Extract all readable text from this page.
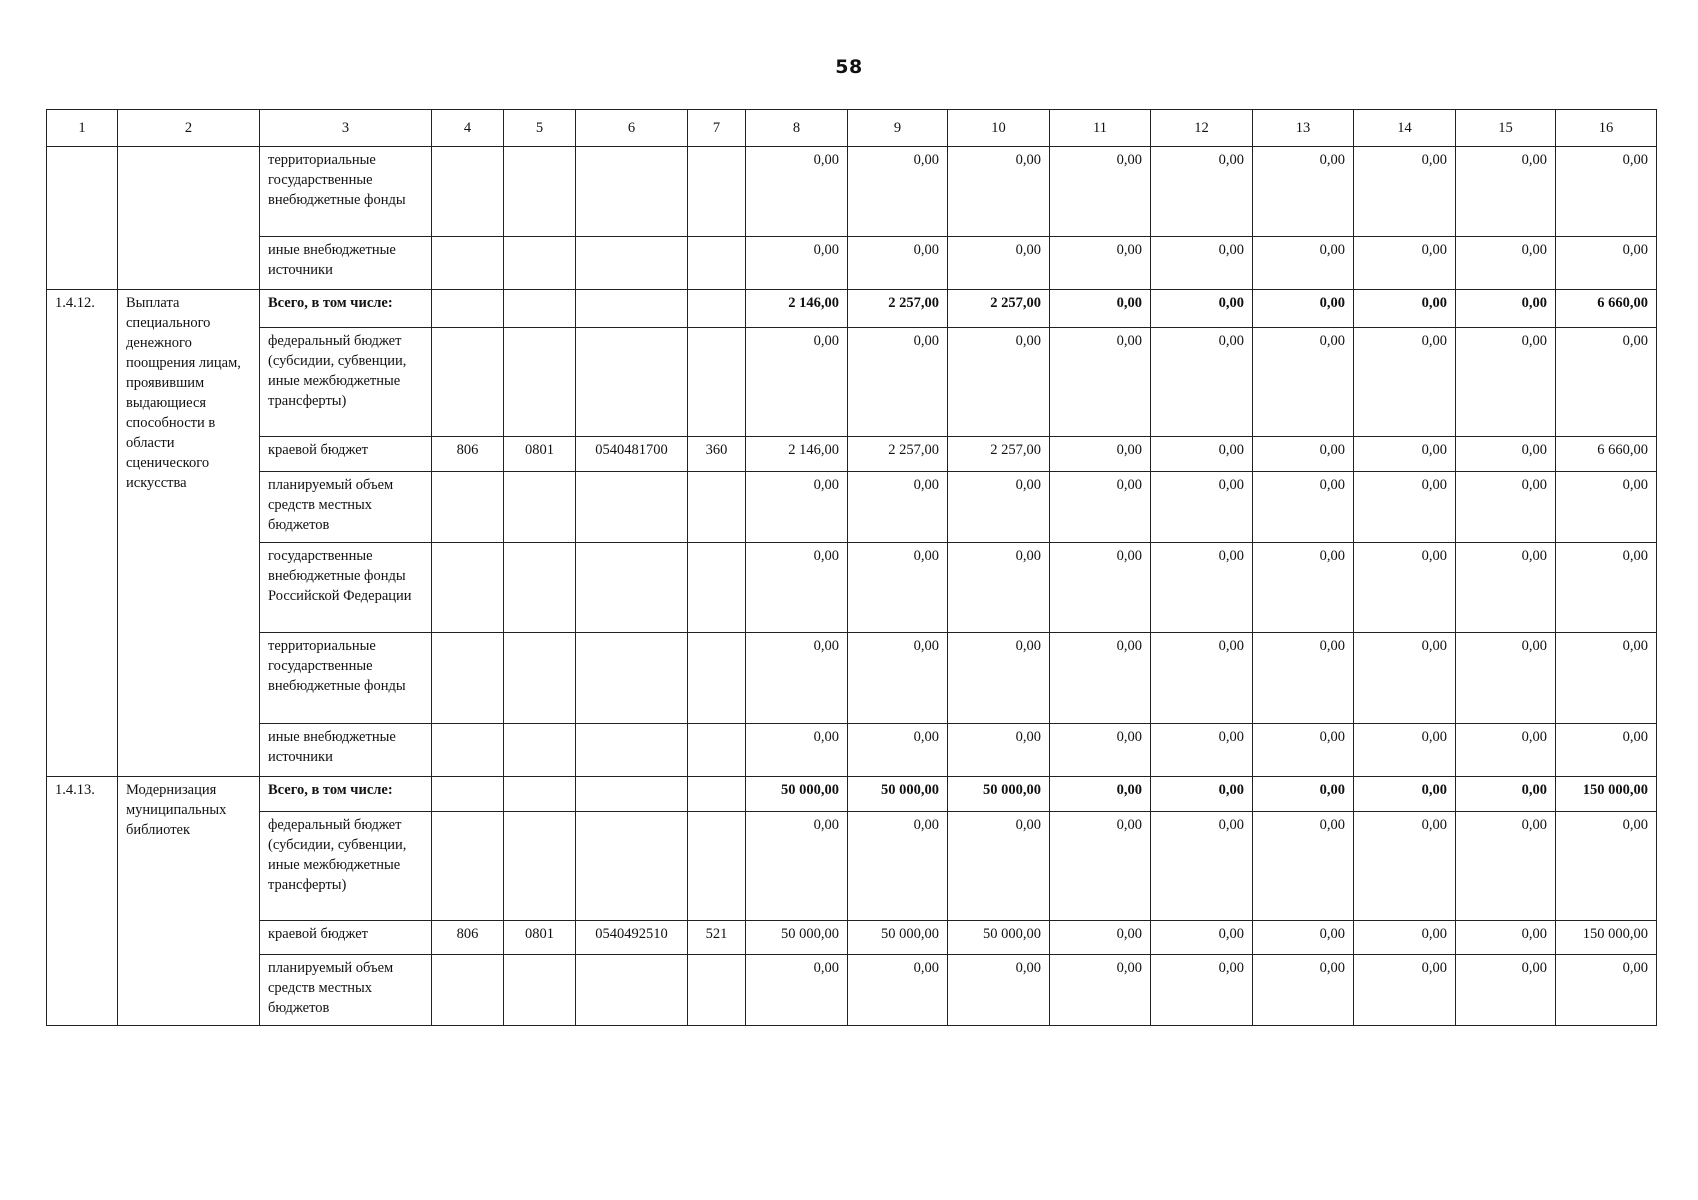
58
1	2	3	4	5	6	7	8	9	10	11	12	13	14	15	16
		территориальные государственные внебюджетные фонды					0,00	0,00	0,00	0,00	0,00	0,00	0,00	0,00	0,00
		иные внебюджетные источники					0,00	0,00	0,00	0,00	0,00	0,00	0,00	0,00	0,00
1.4.12.	Выплата специального денежного поощрения лицам, проявившим выдающиеся способности в области сценического искусства	Всего, в том числе:					2 146,00	2 257,00	2 257,00	0,00	0,00	0,00	0,00	0,00	6 660,00
		федеральный бюджет (субсидии, субвенции, иные межбюджетные трансферты)					0,00	0,00	0,00	0,00	0,00	0,00	0,00	0,00	0,00
		краевой бюджет	806	0801	0540481700	360	2 146,00	2 257,00	2 257,00	0,00	0,00	0,00	0,00	0,00	6 660,00
		планируемый объем средств местных бюджетов					0,00	0,00	0,00	0,00	0,00	0,00	0,00	0,00	0,00
		государственные внебюджетные фонды Российской Федерации					0,00	0,00	0,00	0,00	0,00	0,00	0,00	0,00	0,00
		территориальные государственные внебюджетные фонды					0,00	0,00	0,00	0,00	0,00	0,00	0,00	0,00	0,00
		иные внебюджетные источники					0,00	0,00	0,00	0,00	0,00	0,00	0,00	0,00	0,00
1.4.13.	Модернизация муниципальных библиотек	Всего, в том числе:					50 000,00	50 000,00	50 000,00	0,00	0,00	0,00	0,00	0,00	150 000,00
		федеральный бюджет (субсидии, субвенции, иные межбюджетные трансферты)					0,00	0,00	0,00	0,00	0,00	0,00	0,00	0,00	0,00
		краевой бюджет	806	0801	0540492510	521	50 000,00	50 000,00	50 000,00	0,00	0,00	0,00	0,00	0,00	150 000,00
		планируемый объем средств местных бюджетов					0,00	0,00	0,00	0,00	0,00	0,00	0,00	0,00	0,00
